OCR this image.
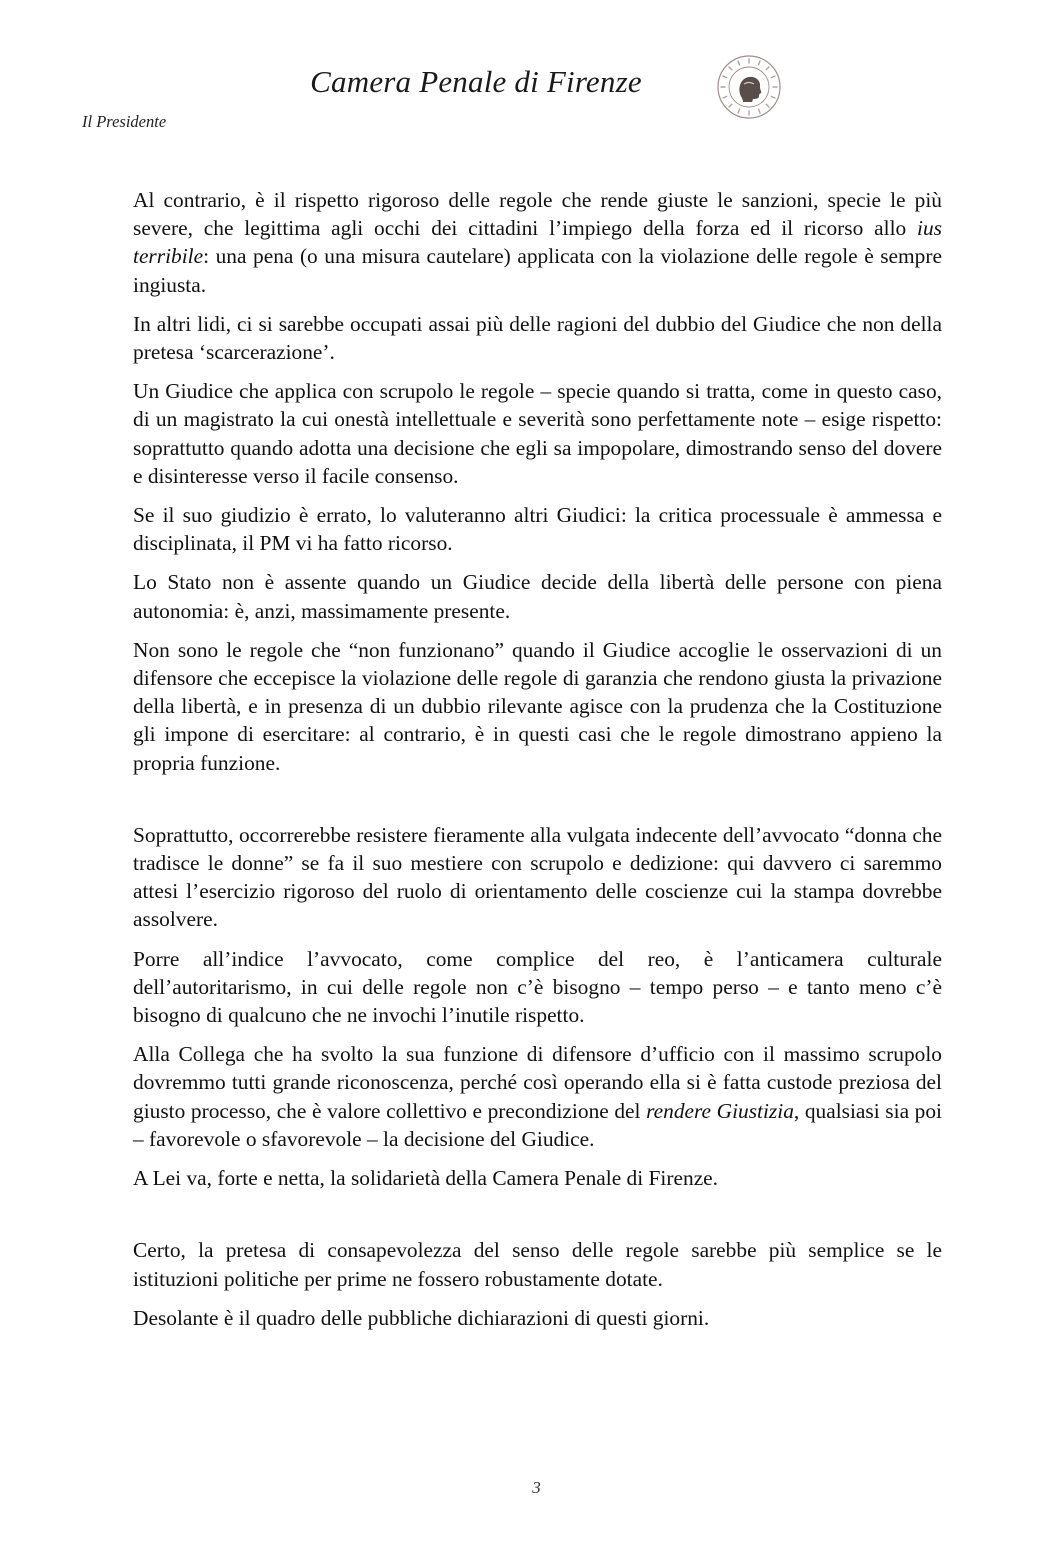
Camera Penale di Firenze
Il Presidente

Al contrario, è il rispetto rigoroso delle regole che rende giuste le sanzioni, specie le più severe, che legittima agli occhi dei cittadini l’impiego della forza ed il ricorso allo ius terribile: una pena (o una misura cautelare) applicata con la violazione delle regole è sempre ingiusta.

In altri lidi, ci si sarebbe occupati assai più delle ragioni del dubbio del Giudice che non della pretesa ‘scarcerazione’.

Un Giudice che applica con scrupolo le regole – specie quando si tratta, come in questo caso, di un magistrato la cui onestà intellettuale e severità sono perfettamente note – esige rispetto: soprattutto quando adotta una decisione che egli sa impopolare, dimostrando senso del dovere e disinteresse verso il facile consenso.

Se il suo giudizio è errato, lo valuteranno altri Giudici: la critica processuale è ammessa e disciplinata, il PM vi ha fatto ricorso.

Lo Stato non è assente quando un Giudice decide della libertà delle persone con piena autonomia: è, anzi, massimamente presente.

Non sono le regole che “non funzionano” quando il Giudice accoglie le osservazioni di un difensore che eccepisce la violazione delle regole di garanzia che rendono giusta la privazione della libertà, e in presenza di un dubbio rilevante agisce con la prudenza che la Costituzione gli impone di esercitare: al contrario, è in questi casi che le regole dimostrano appieno la propria funzione.

Soprattutto, occorrerebbe resistere fieramente alla vulgata indecente dell’avvocato “donna che tradisce le donne” se fa il suo mestiere con scrupolo e dedizione: qui davvero ci saremmo attesi l’esercizio rigoroso del ruolo di orientamento delle coscienze cui la stampa dovrebbe assolvere.

Porre all’indice l’avvocato, come complice del reo, è l’anticamera culturale dell’autoritarismo, in cui delle regole non c’è bisogno – tempo perso – e tanto meno c’è bisogno di qualcuno che ne invochi l’inutile rispetto.

Alla Collega che ha svolto la sua funzione di difensore d’ufficio con il massimo scrupolo dovremmo tutti grande riconoscenza, perché così operando ella si è fatta custode preziosa del giusto processo, che è valore collettivo e precondizione del rendere Giustizia, qualsiasi sia poi – favorevole o sfavorevole – la decisione del Giudice.

A Lei va, forte e netta, la solidarietà della Camera Penale di Firenze.

Certo, la pretesa di consapevolezza del senso delle regole sarebbe più semplice se le istituzioni politiche per prime ne fossero robustamente dotate.

Desolante è il quadro delle pubbliche dichiarazioni di questi giorni.

3
